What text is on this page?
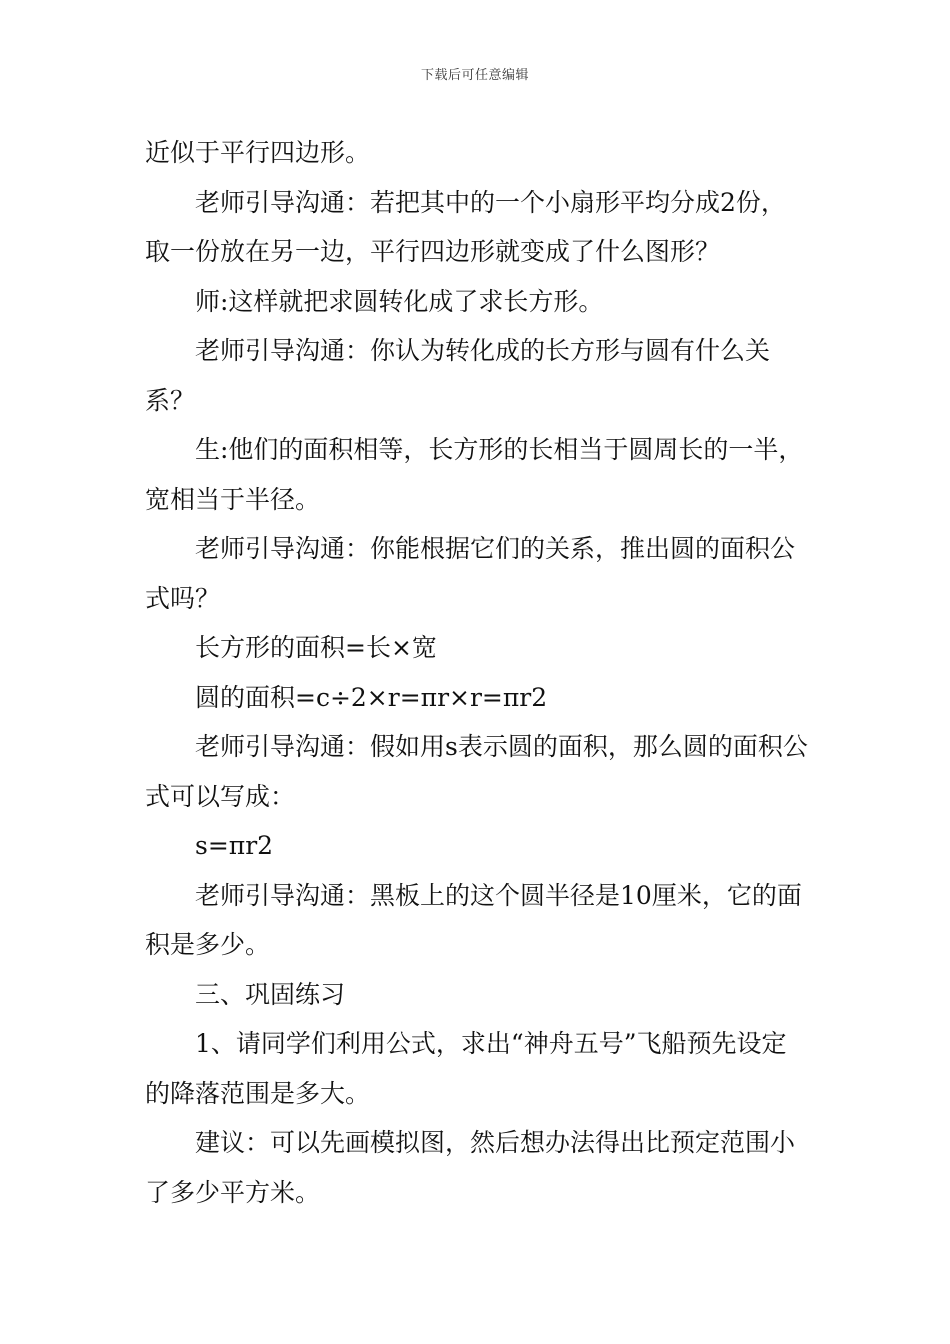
下载后可任意编辑

近似于平行四边形。

老师引导沟通：若把其中的一个小扇形平均分成2份，取一份放在另一边，平行四边形就变成了什么图形？

师:这样就把求圆转化成了求长方形。

老师引导沟通：你认为转化成的长方形与圆有什么关系？

生:他们的面积相等，长方形的长相当于圆周长的一半，宽相当于半径。

老师引导沟通：你能根据它们的关系，推出圆的面积公式吗？

长方形的面积=长×宽

圆的面积=c÷2×r=πr×r=πr2

老师引导沟通：假如用s表示圆的面积，那么圆的面积公式可以写成：

s=πr2

老师引导沟通：黑板上的这个圆半径是10厘米，它的面积是多少。

三、巩固练习

1、请同学们利用公式，求出“神舟五号”飞船预先设定的降落范围是多大。

建议：可以先画模拟图，然后想办法得出比预定范围小了多少平方米。
